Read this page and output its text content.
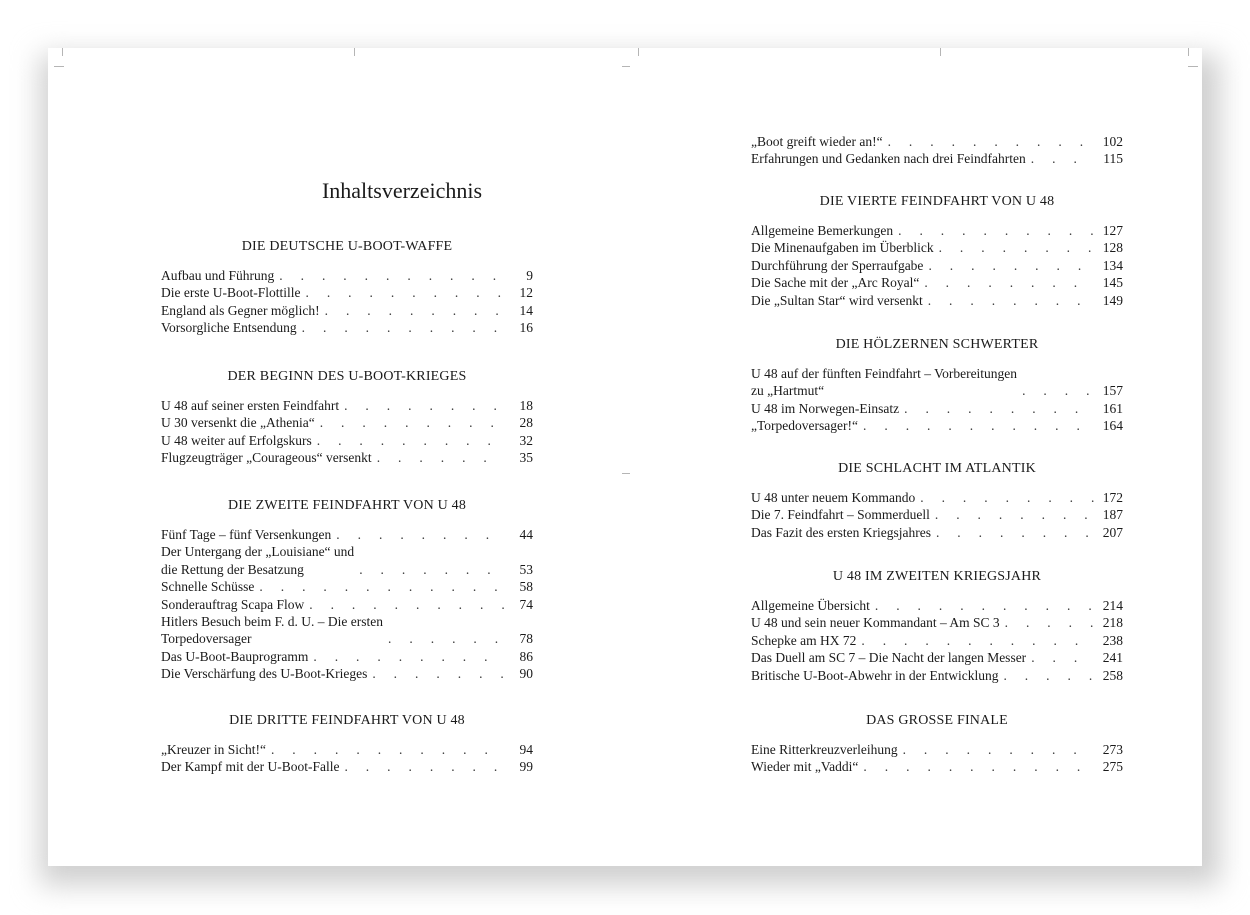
Inhaltsverzeichnis
DIE DEUTSCHE U-BOOT-WAFFE
Aufbau und Führung . . .	9
Die erste U-Boot-Flottille . . .	12
England als Gegner möglich! . . .	14
Vorsorgliche Entsendung . . .	16
DER BEGINN DES U-BOOT-KRIEGES
U 48 auf seiner ersten Feindfahrt . . .	18
U 30 versenkt die „Athenia“ . . .	28
U 48 weiter auf Erfolgskurs . . .	32
Flugzeugträger „Courageous“ versenkt . . .	35
DIE ZWEITE FEINDFAHRT VON U 48
Fünf Tage – fünf Versenkungen . . .	44
Der Untergang der „Louisiane“ und
die Rettung der Besatzung . . .	53
Schnelle Schüsse . . .	58
Sonderauftrag Scapa Flow . . .	74
Hitlers Besuch beim F. d. U. – Die ersten
Torpedoversager . . .	78
Das U-Boot-Bauprogramm . . .	86
Die Verschärfung des U-Boot-Krieges . . .	90
DIE DRITTE FEINDFAHRT VON U 48
„Kreuzer in Sicht!“ . . .	94
Der Kampf mit der U-Boot-Falle . . .	99
„Boot greift wieder an!“ . . .	102
Erfahrungen und Gedanken nach drei Feindfahrten . . .	115
DIE VIERTE FEINDFAHRT VON U 48
Allgemeine Bemerkungen . . .	127
Die Minenaufgaben im Überblick . . .	128
Durchführung der Sperraufgabe . . .	134
Die Sache mit der „Arc Royal“ . . .	145
Die „Sultan Star“ wird versenkt . . .	149
DIE HÖLZERNEN SCHWERTER
U 48 auf der fünften Feindfahrt – Vorbereitungen
zu „Hartmut“ . . .	157
U 48 im Norwegen-Einsatz . . .	161
„Torpedoversager!“ . . .	164
DIE SCHLACHT IM ATLANTIK
U 48 unter neuem Kommando . . .	172
Die 7. Feindfahrt – Sommerduell . . .	187
Das Fazit des ersten Kriegsjahres . . .	207
U 48 IM ZWEITEN KRIEGSJAHR
Allgemeine Übersicht . . .	214
U 48 und sein neuer Kommandant – Am SC 3 . . .	218
Schepke am HX 72 . . .	238
Das Duell am SC 7 – Die Nacht der langen Messer . . .	241
Britische U-Boot-Abwehr in der Entwicklung . . .	258
DAS GROSSE FINALE
Eine Ritterkreuzverleihung . . .	273
Wieder mit „Vaddi“ . . .	275
